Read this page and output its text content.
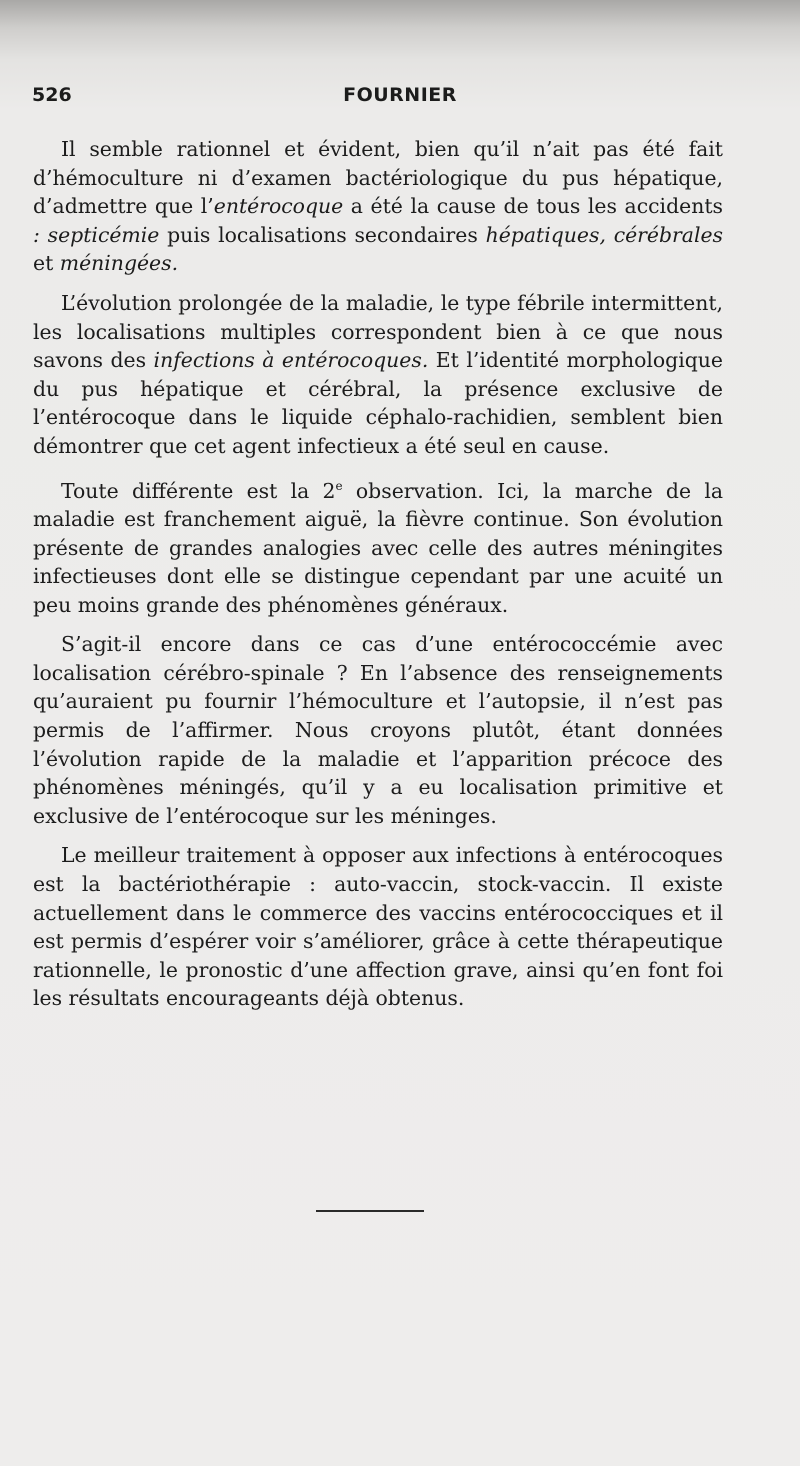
526	FOURNIER

Il semble rationnel et évident, bien qu’il n’ait pas été fait d’hémoculture ni d’examen bactériologique du pus hépatique, d’admettre que l’entérocoque a été la cause de tous les accidents : septicémie puis localisations secondaires hépatiques, cérébrales et méningées.

L’évolution prolongée de la maladie, le type fébrile intermittent, les localisations multiples correspondent bien à ce que nous savons des infections à entérocoques. Et l’identité morphologique du pus hépatique et cérébral, la présence exclusive de l’entérocoque dans le liquide céphalo-rachidien, semblent bien démontrer que cet agent infectieux a été seul en cause.

Toute différente est la 2e observation. Ici, la marche de la maladie est franchement aiguë, la fièvre continue. Son évolution présente de grandes analogies avec celle des autres méningites infectieuses dont elle se distingue cependant par une acuité un peu moins grande des phénomènes généraux.

S’agit-il encore dans ce cas d’une entérococcémie avec localisation cérébro-spinale ? En l’absence des renseignements qu’auraient pu fournir l’hémoculture et l’autopsie, il n’est pas permis de l’affirmer. Nous croyons plutôt, étant données l’évolution rapide de la maladie et l’apparition précoce des phénomènes méningés, qu’il y a eu localisation primitive et exclusive de l’entérocoque sur les méninges.

Le meilleur traitement à opposer aux infections à entérocoques est la bactériothérapie : auto-vaccin, stock-vaccin. Il existe actuellement dans le commerce des vaccins entérococciques et il est permis d’espérer voir s’améliorer, grâce à cette thérapeutique rationnelle, le pronostic d’une affection grave, ainsi qu’en font foi les résultats encourageants déjà obtenus.
